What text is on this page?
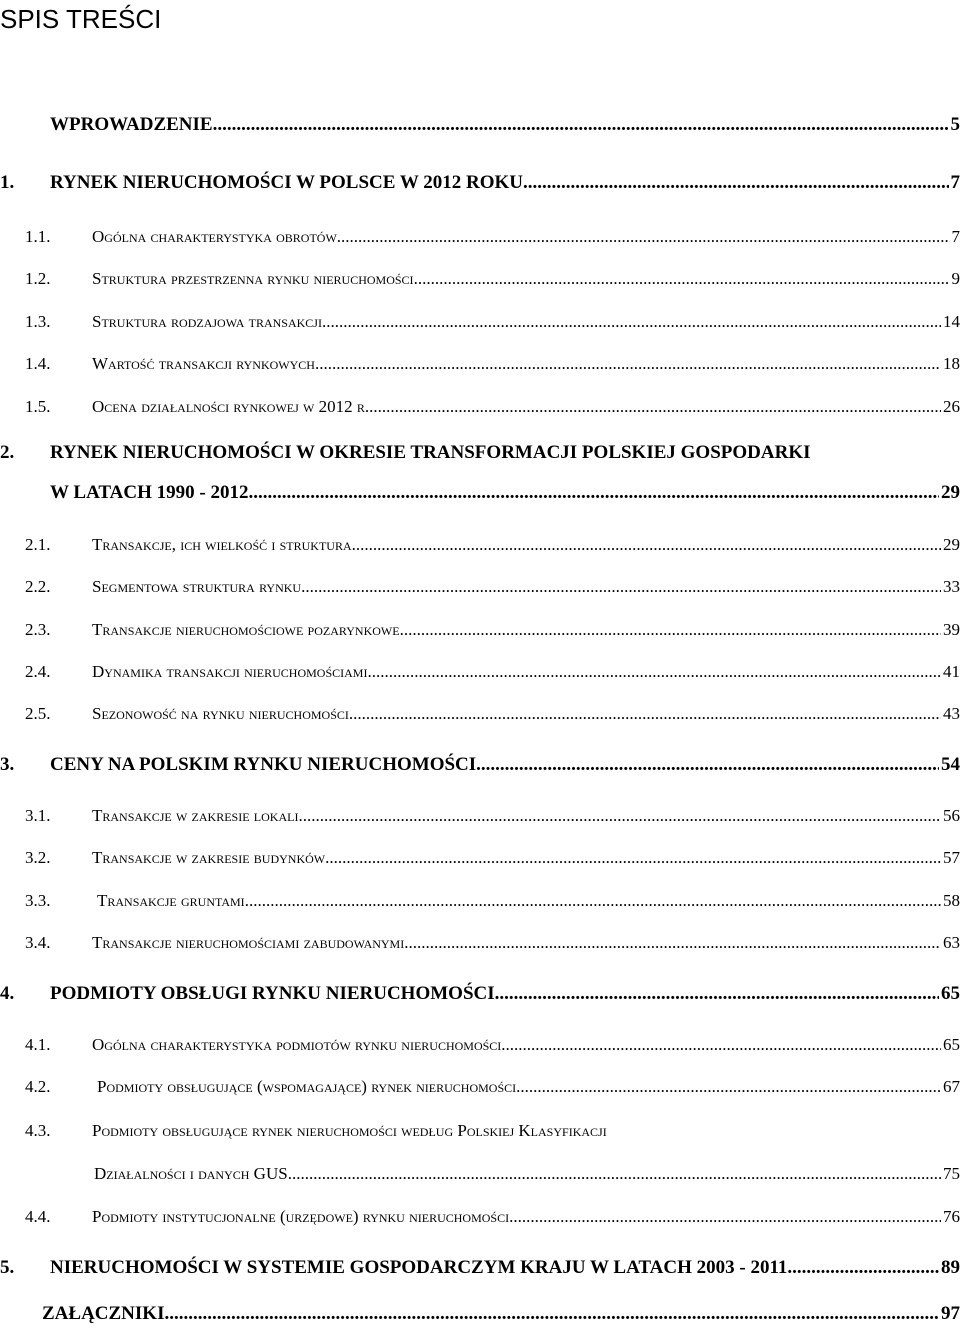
SPIS TREŚCI
WPROWADZENIE .....	5
1.	RYNEK NIERUCHOMOŚCI W POLSCE W 2012 ROKU .....	7
1.1.	Ogólna charakterystyka obrotów .....	7
1.2.	Struktura przestrzenna rynku nieruchomości .....	9
1.3.	Struktura rodzajowa transakcji .....	14
1.4.	Wartość transakcji rynkowych .....	18
1.5.	Ocena działalności rynkowej w 2012 r. .....	26
2.	RYNEK NIERUCHOMOŚCI W OKRESIE TRANSFORMACJI POLSKIEJ GOSPODARKI
W LATACH 1990 - 2012 .....	29
2.1.	Transakcje, ich wielkość i struktura .....	29
2.2.	Segmentowa struktura rynku .....	33
2.3.	Transakcje nieruchomościowe pozarynkowe .....	39
2.4.	Dynamika transakcji nieruchomościami .....	41
2.5.	Sezonowość na rynku nieruchomości .....	43
3.	CENY NA POLSKIM RYNKU NIERUCHOMOŚCI .....	54
3.1.	Transakcje w zakresie lokali .....	56
3.2.	Transakcje w zakresie budynków .....	57
3.3.	Transakcje gruntami .....	58
3.4.	Transakcje nieruchomościami zabudowanymi .....	63
4.	PODMIOTY OBSŁUGI RYNKU NIERUCHOMOŚCI .....	65
4.1.	Ogólna charakterystyka podmiotów rynku nieruchomości .....	65
4.2.	Podmioty obsługujące (wspomagające) rynek nieruchomości .....	67
4.3.	Podmioty obsługujące rynek nieruchomości według Polskiej Klasyfikacji
Działalności i danych GUS .....	75
4.4.	Podmioty instytucjonalne (urzędowe) rynku nieruchomości .....	76
5.	NIERUCHOMOŚCI W SYSTEMIE GOSPODARCZYM KRAJU W LATACH 2003 - 2011 .....	89
ZAŁĄCZNIKI .....	97
